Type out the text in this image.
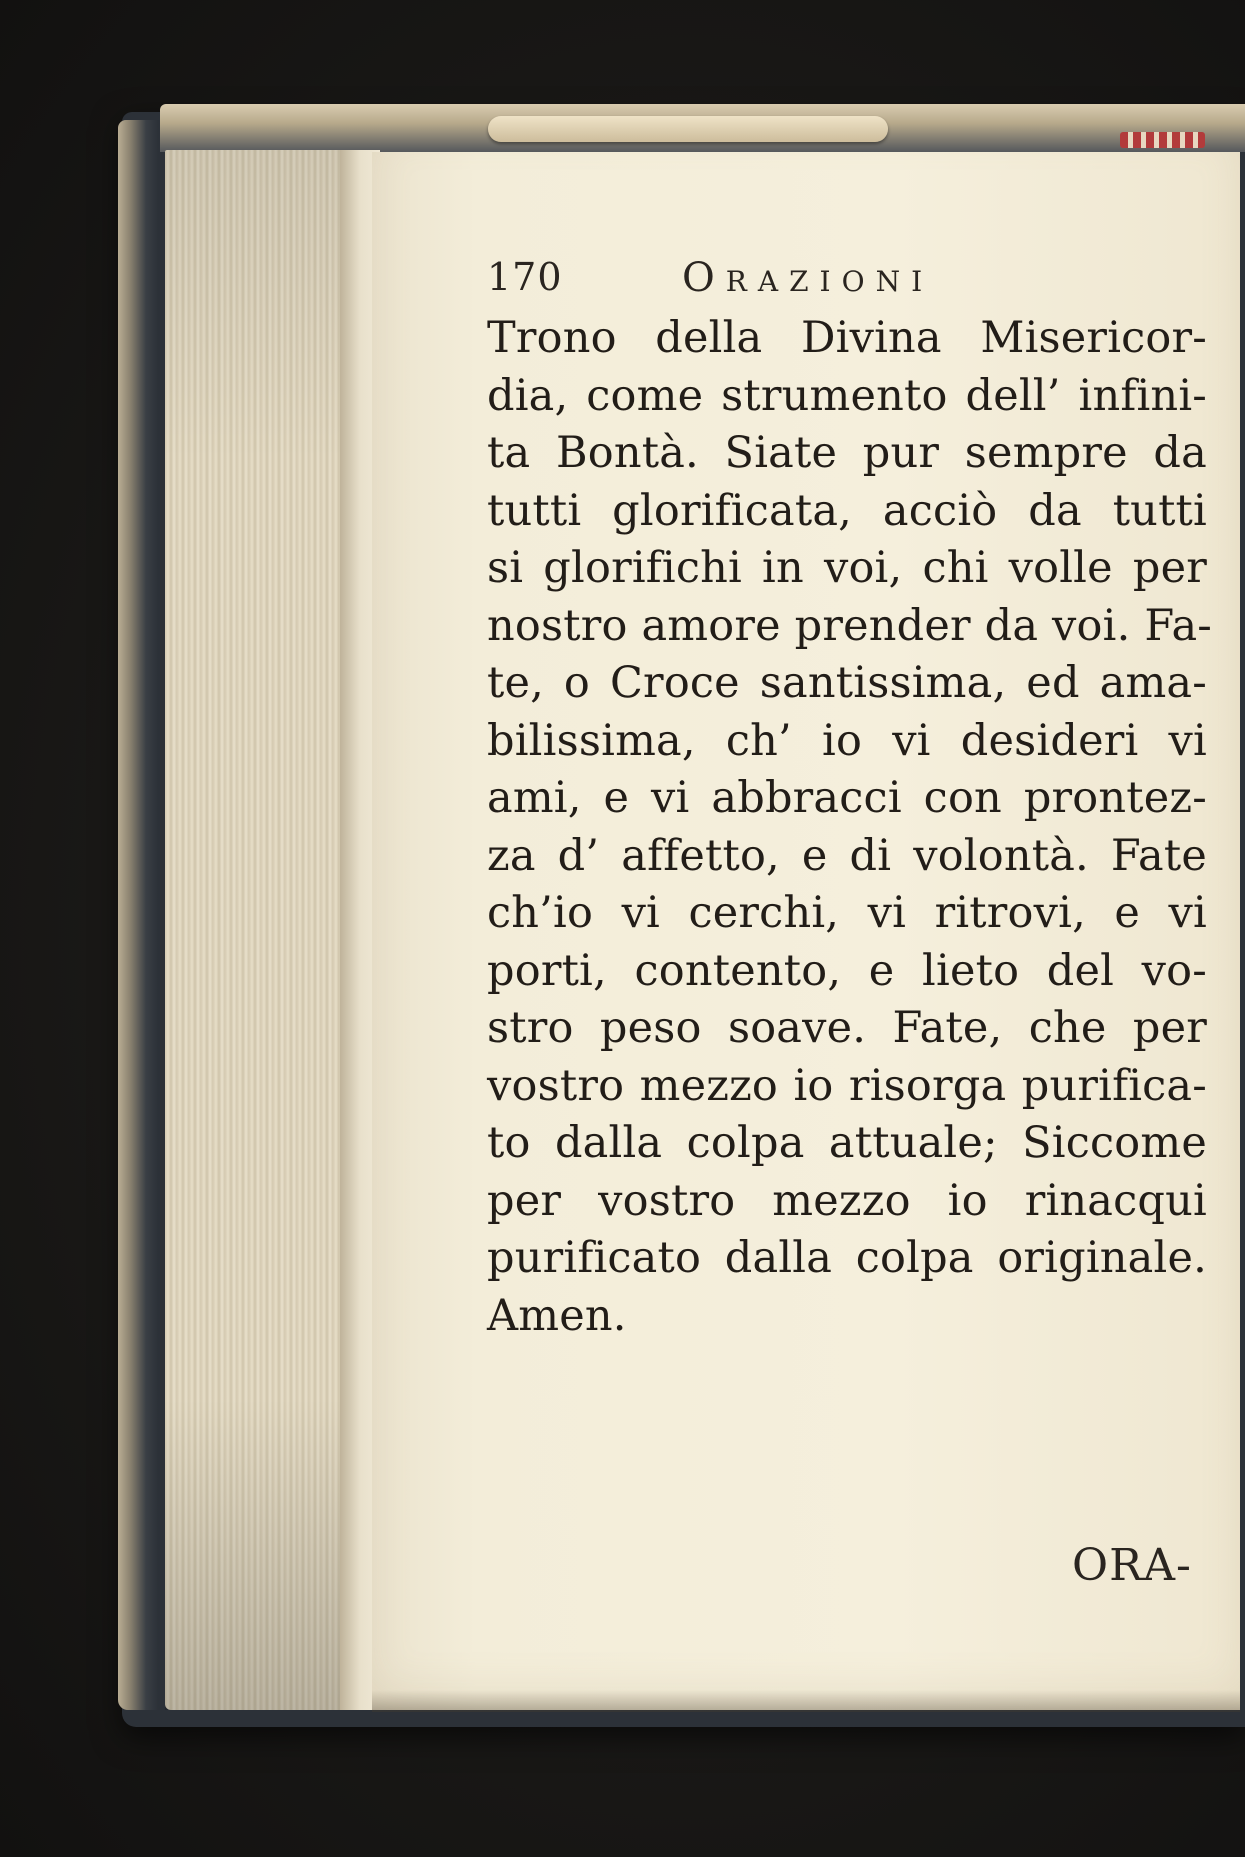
170	Orazioni
Trono della Divina Misericor-
dia, come strumento dell’ infini-
ta Bontà. Siate pur sempre da
tutti glorificata, acciò da tutti
si glorifichi in voi, chi volle per
nostro amore prender da voi. Fa-
te, o Croce santissima, ed ama-
bilissima, ch’ io vi desideri vi
ami, e vi abbracci con prontez-
za d’ affetto, e di volontà. Fate
ch’io vi cerchi, vi ritrovi, e vi
porti, contento, e lieto del vo-
stro peso soave. Fate, che per
vostro mezzo io risorga purifica-
to dalla colpa attuale; Siccome
per vostro mezzo io rinacqui
purificato dalla colpa originale.
Amen.
ORA-
